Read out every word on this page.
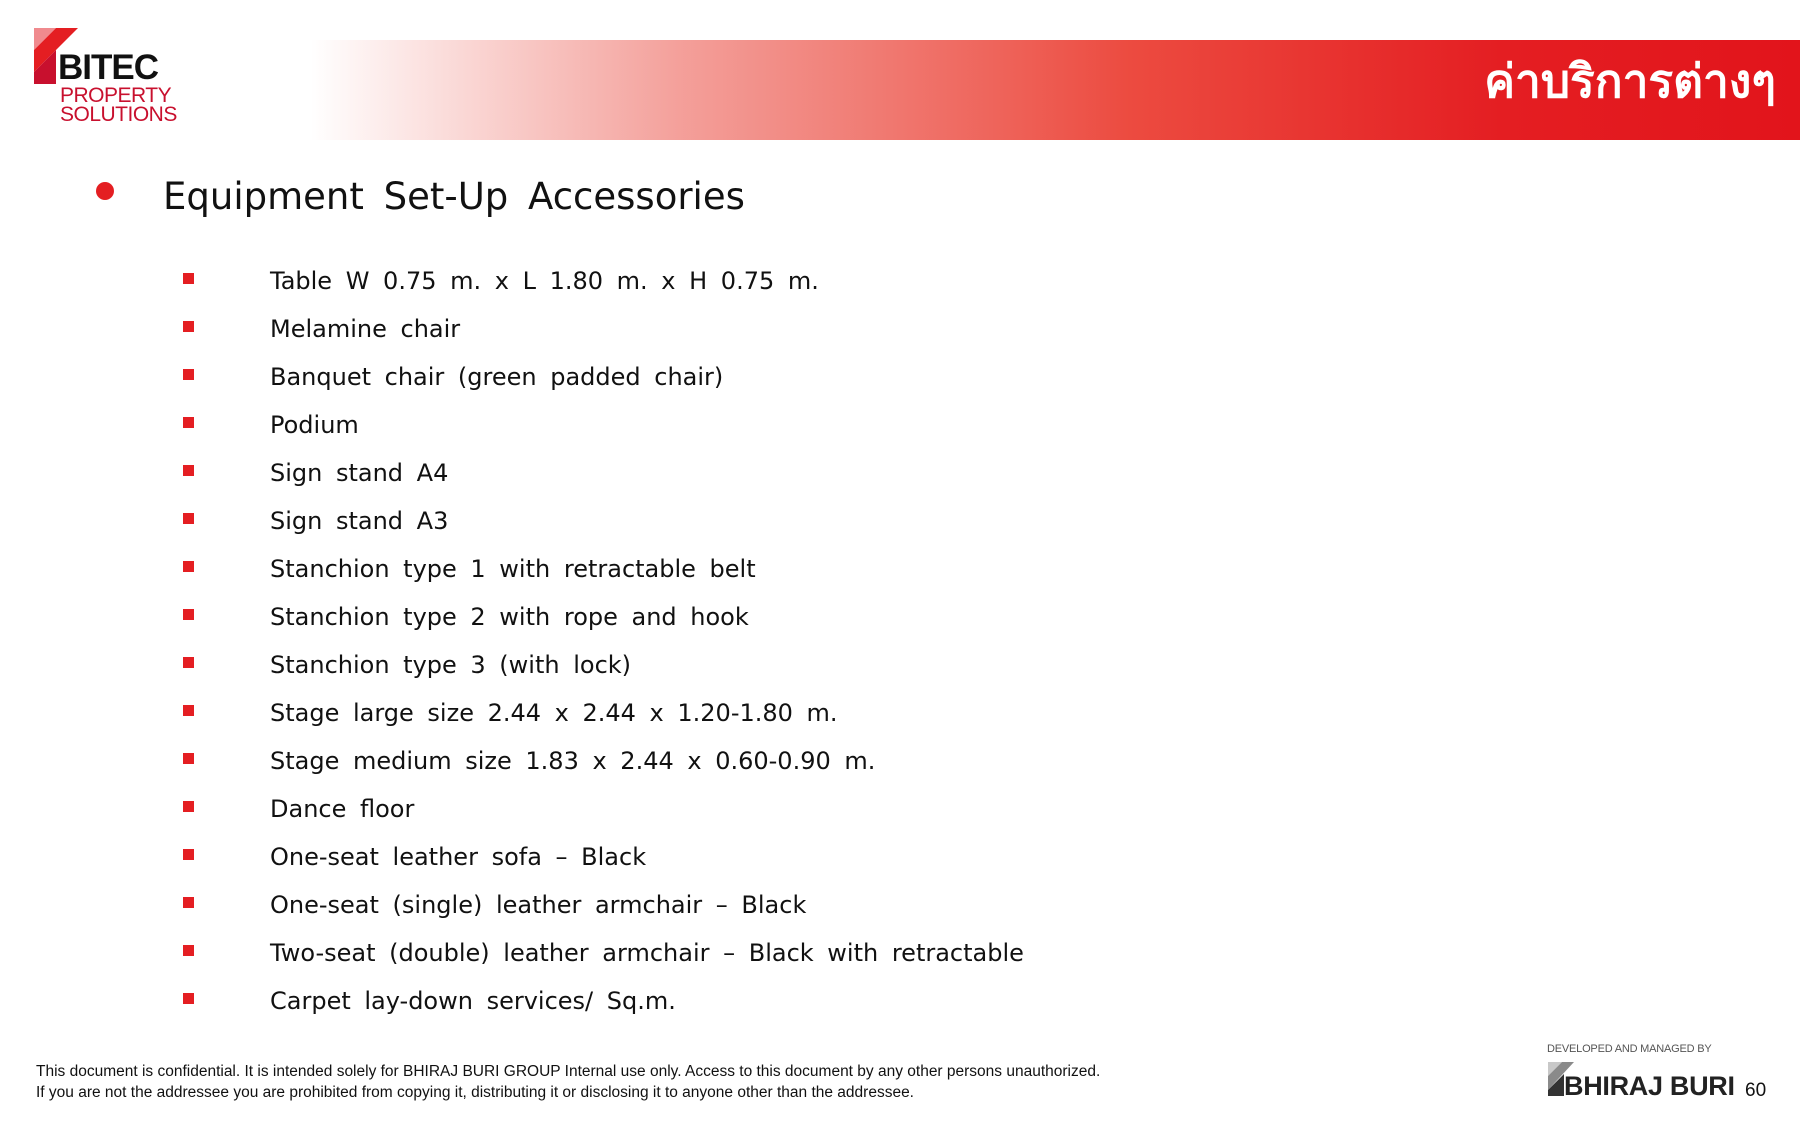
BITEC
PROPERTY
SOLUTIONS
ค่าบริการต่างๆ
Equipment Set-Up Accessories
Table W 0.75 m. x L 1.80 m. x H 0.75 m.
Melamine chair
Banquet chair (green padded chair)
Podium
Sign stand A4
Sign stand A3
Stanchion type 1 with retractable belt
Stanchion type 2 with rope and hook
Stanchion type 3 (with lock)
Stage large size 2.44 x 2.44 x 1.20-1.80 m.
Stage medium size 1.83 x 2.44 x 0.60-0.90 m.
Dance floor
One-seat leather sofa – Black
One-seat (single) leather armchair – Black
Two-seat (double) leather armchair – Black with retractable
Carpet lay-down services/ Sq.m.
This document is confidential. It is intended solely for BHIRAJ BURI GROUP Internal use only. Access to this document by any other persons unauthorized.
If you are not the addressee you are prohibited from copying it, distributing it or disclosing it to anyone other than the addressee.
DEVELOPED AND MANAGED BY
BHIRAJ BURI 60
